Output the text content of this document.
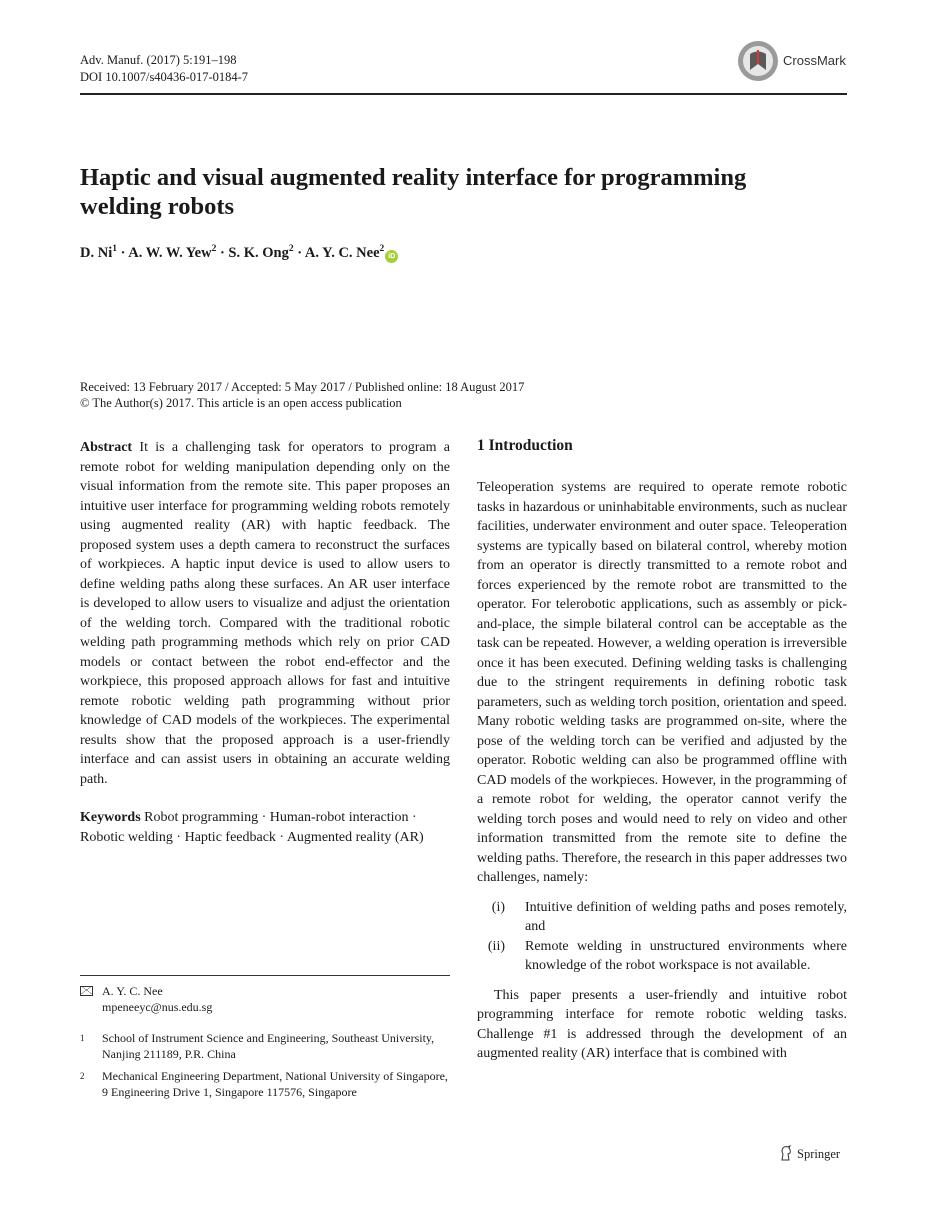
Adv. Manuf. (2017) 5:191–198
DOI 10.1007/s40436-017-0184-7
CrossMark
Haptic and visual augmented reality interface for programming welding robots
D. $Ni^1 \cdot A$. W. W. Yew$^2$ · S. K. Ong$^2$ · A. Y. C. Nee$^2$iD
Received: 13 February 2017 / Accepted: 5 May 2017 / Published online: 18 August 2017
© The Author(s) 2017. This article is an open access publication
Abstract It is a challenging task for operators to program a remote robot for welding manipulation depending only on the visual information from the remote site. This paper proposes an intuitive user interface for programming welding robots remotely using augmented reality (AR) with haptic feedback. The proposed system uses a depth camera to reconstruct the surfaces of workpieces. A haptic input device is used to allow users to define welding paths along these surfaces. An AR user interface is developed to allow users to visualize and adjust the orientation of the welding torch. Compared with the traditional robotic welding path programming methods which rely on prior CAD models or contact between the robot end-effector and the workpiece, this proposed approach allows for fast and intuitive remote robotic welding path programming without prior knowledge of CAD models of the workpieces. The experimental results show that the proposed approach is a user-friendly interface and can assist users in obtaining an accurate welding path.
Keywords Robot programming · Human-robot interaction · Robotic welding · Haptic feedback · Augmented reality (AR)
A. Y. C. Nee
mpeneeyc@nus.edu.sg
1 School of Instrument Science and Engineering, Southeast University, Nanjing 211189, P.R. China
2 Mechanical Engineering Department, National University of Singapore, 9 Engineering Drive 1, Singapore 117576, Singapore
1 Introduction
Teleoperation systems are required to operate remote robotic tasks in hazardous or uninhabitable environments, such as nuclear facilities, underwater environment and outer space. Teleoperation systems are typically based on bilateral control, whereby motion from an operator is directly transmitted to a remote robot and forces experienced by the remote robot are transmitted to the operator. For telerobotic applications, such as assembly or pick-and-place, the simple bilateral control can be acceptable as the task can be repeated. However, a welding operation is irreversible once it has been executed. Defining welding tasks is challenging due to the stringent requirements in defining robotic task parameters, such as welding torch position, orientation and speed. Many robotic welding tasks are programmed on-site, where the pose of the welding torch can be verified and adjusted by the operator. Robotic welding can also be programmed offline with CAD models of the workpieces. However, in the programming of a remote robot for welding, the operator cannot verify the welding torch poses and would need to rely on video and other information transmitted from the remote site to define the welding paths. Therefore, the research in this paper addresses two challenges, namely:
(i) Intuitive definition of welding paths and poses remotely, and
(ii) Remote welding in unstructured environments where knowledge of the robot workspace is not available.
This paper presents a user-friendly and intuitive robot programming interface for remote robotic welding tasks. Challenge #1 is addressed through the development of an augmented reality (AR) interface that is combined with
Springer
